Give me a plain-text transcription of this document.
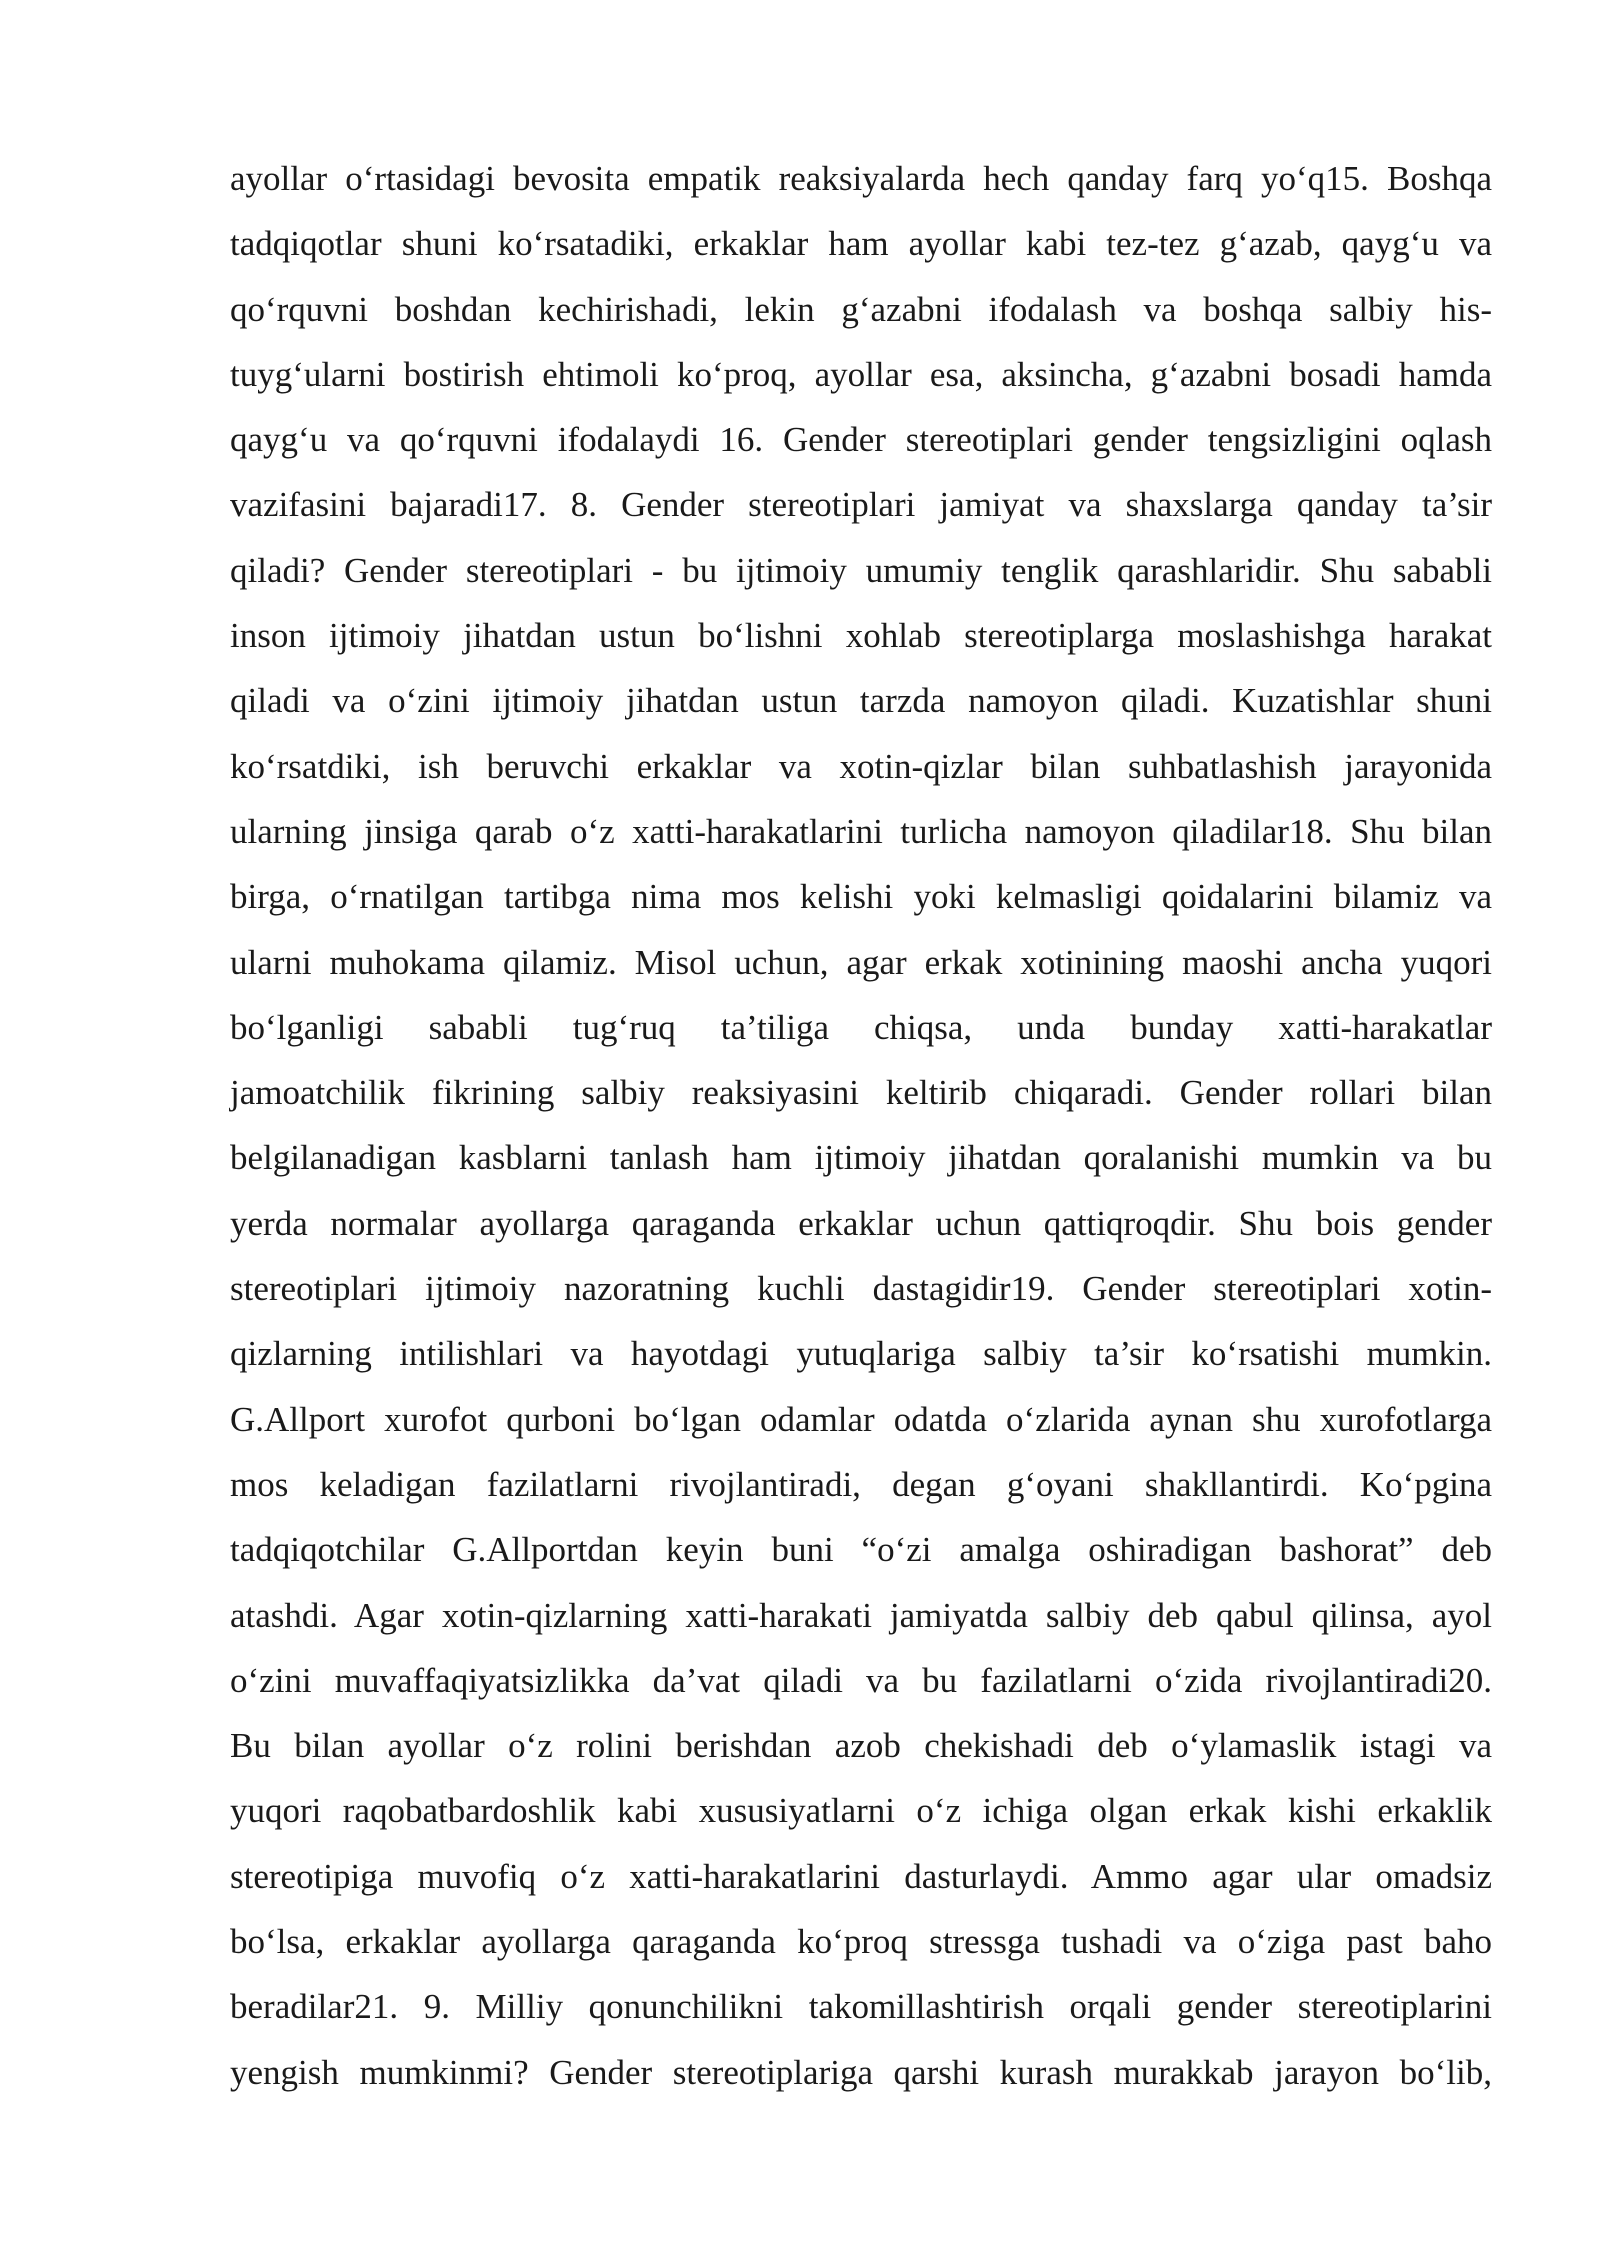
ayollar o‘rtasidagi bevosita empatik reaksiyalarda hech qanday farq yo‘q15. Boshqa
tadqiqotlar shuni ko‘rsatadiki, erkaklar ham ayollar kabi tez-tez g‘azab, qayg‘u va
qo‘rquvni boshdan kechirishadi, lekin g‘azabni ifodalash va boshqa salbiy his-
tuyg‘ularni bostirish ehtimoli ko‘proq, ayollar esa, aksincha, g‘azabni bosadi hamda
qayg‘u va qo‘rquvni ifodalaydi 16. Gender stereotiplari gender tengsizligini oqlash
vazifasini bajaradi17. 8. Gender stereotiplari jamiyat va shaxslarga qanday ta’sir
qiladi? Gender stereotiplari - bu ijtimoiy umumiy tenglik qarashlaridir. Shu sababli
inson ijtimoiy jihatdan ustun bo‘lishni xohlab stereotiplarga moslashishga harakat
qiladi va o‘zini ijtimoiy jihatdan ustun tarzda namoyon qiladi. Kuzatishlar shuni
ko‘rsatdiki, ish beruvchi erkaklar va xotin-qizlar bilan suhbatlashish jarayonida
ularning jinsiga qarab o‘z xatti-harakatlarini turlicha namoyon qiladilar18. Shu bilan
birga, o‘rnatilgan tartibga nima mos kelishi yoki kelmasligi qoidalarini bilamiz va
ularni muhokama qilamiz. Misol uchun, agar erkak xotinining maoshi ancha yuqori
bo‘lganligi sababli tug‘ruq ta’tiliga chiqsa, unda bunday xatti-harakatlar
jamoatchilik fikrining salbiy reaksiyasini keltirib chiqaradi. Gender rollari bilan
belgilanadigan kasblarni tanlash ham ijtimoiy jihatdan qoralanishi mumkin va bu
yerda normalar ayollarga qaraganda erkaklar uchun qattiqroqdir. Shu bois gender
stereotiplari ijtimoiy nazoratning kuchli dastagidir19. Gender stereotiplari xotin-
qizlarning intilishlari va hayotdagi yutuqlariga salbiy ta’sir ko‘rsatishi mumkin.
G.Allport xurofot qurboni bo‘lgan odamlar odatda o‘zlarida aynan shu xurofotlarga
mos keladigan fazilatlarni rivojlantiradi, degan g‘oyani shakllantirdi. Ko‘pgina
tadqiqotchilar G.Allportdan keyin buni “o‘zi amalga oshiradigan bashorat” deb
atashdi. Agar xotin-qizlarning xatti-harakati jamiyatda salbiy deb qabul qilinsa, ayol
o‘zini muvaffaqiyatsizlikka da’vat qiladi va bu fazilatlarni o‘zida rivojlantiradi20.
Bu bilan ayollar o‘z rolini berishdan azob chekishadi deb o‘ylamaslik istagi va
yuqori raqobatbardoshlik kabi xususiyatlarni o‘z ichiga olgan erkak kishi erkaklik
stereotipiga muvofiq o‘z xatti-harakatlarini dasturlaydi. Ammo agar ular omadsiz
bo‘lsa, erkaklar ayollarga qaraganda ko‘proq stressga tushadi va o‘ziga past baho
beradilar21. 9. Milliy qonunchilikni takomillashtirish orqali gender stereotiplarini
yengish mumkinmi? Gender stereotiplariga qarshi kurash murakkab jarayon bo‘lib,
